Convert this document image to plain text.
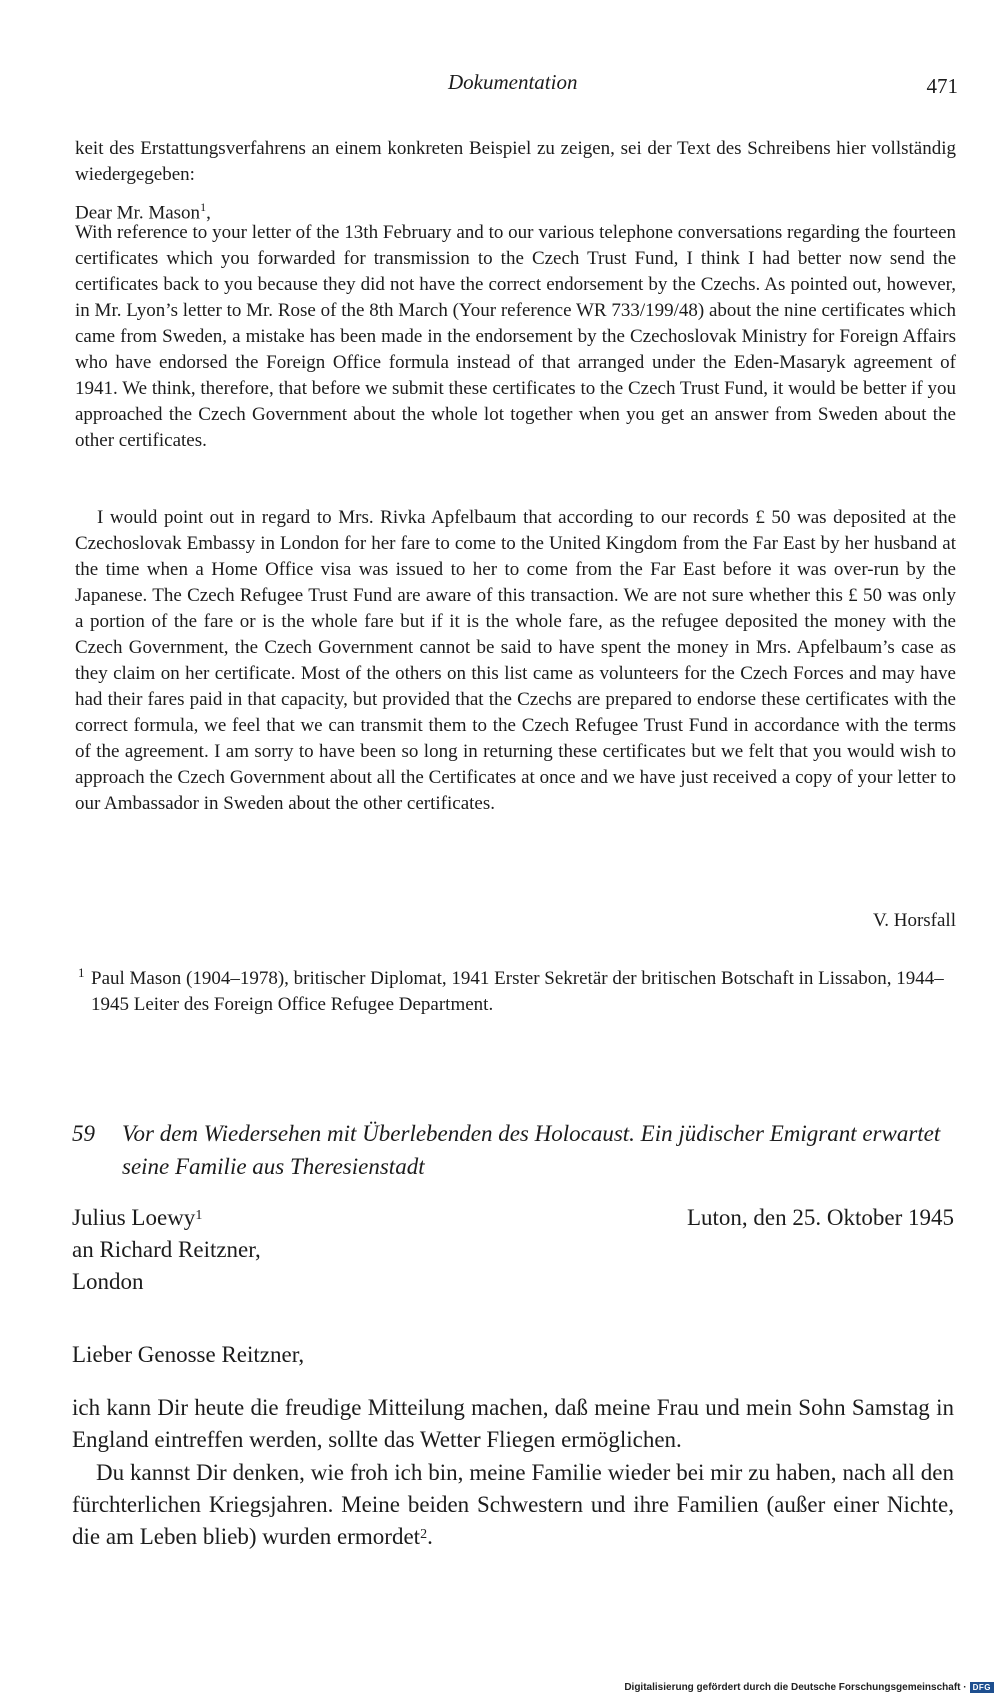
Dokumentation	471

keit des Erstattungsverfahrens an einem konkreten Beispiel zu zeigen, sei der Text des Schreibens hier vollständig wiedergegeben:

Dear Mr. Mason$^1$,

With reference to your letter of the 13th February and to our various telephone conversations regarding the fourteen certificates which you forwarded for transmission to the Czech Trust Fund, I think I had better now send the certificates back to you because they did not have the correct endorsement by the Czechs. As pointed out, however, in Mr. Lyon’s letter to Mr. Rose of the 8th March (Your reference WR 733/199/48) about the nine certificates which came from Sweden, a mistake has been made in the endorsement by the Czechoslovak Ministry for Foreign Affairs who have endorsed the Foreign Office formula instead of that arranged under the Eden-Masaryk agreement of 1941. We think, therefore, that before we submit these certificates to the Czech Trust Fund, it would be better if you approached the Czech Government about the whole lot together when you get an answer from Sweden about the other certificates.

I would point out in regard to Mrs. Rivka Apfelbaum that according to our records £ 50 was deposited at the Czechoslovak Embassy in London for her fare to come to the United Kingdom from the Far East by her husband at the time when a Home Office visa was issued to her to come from the Far East before it was over-run by the Japanese. The Czech Refugee Trust Fund are aware of this transaction. We are not sure whether this £ 50 was only a portion of the fare or is the whole fare but if it is the whole fare, as the refugee deposited the money with the Czech Government, the Czech Government cannot be said to have spent the money in Mrs. Apfelbaum’s case as they claim on her certificate. Most of the others on this list came as volunteers for the Czech Forces and may have had their fares paid in that capacity, but provided that the Czechs are prepared to endorse these certificates with the correct formula, we feel that we can transmit them to the Czech Refugee Trust Fund in accordance with the terms of the agreement. I am sorry to have been so long in returning these certificates but we felt that you would wish to approach the Czech Government about all the Certificates at once and we have just received a copy of your letter to our Ambassador in Sweden about the other certificates.

V. Horsfall
1 Paul Mason (1904–1978), britischer Diplomat, 1941 Erster Sekretär der britischen Botschaft in Lissabon, 1944–1945 Leiter des Foreign Office Refugee Department.
59	Vor dem Wiedersehen mit Überlebenden des Holocaust. Ein jüdischer Emigrant erwartet seine Familie aus Theresienstadt
Julius Loewy$^1$
an Richard Reitzner,
London
Luton, den 25. Oktober 1945

Lieber Genosse Reitzner,

ich kann Dir heute die freudige Mitteilung machen, daß meine Frau und mein Sohn Samstag in England eintreffen werden, sollte das Wetter Fliegen ermöglichen.

Du kannst Dir denken, wie froh ich bin, meine Familie wieder bei mir zu haben, nach all den fürchterlichen Kriegsjahren. Meine beiden Schwestern und ihre Familien (außer einer Nichte, die am Leben blieb) wurden ermordet$^2$.

Digitalisierung gefördert durch die Deutsche Forschungsgemeinschaft · DFG
